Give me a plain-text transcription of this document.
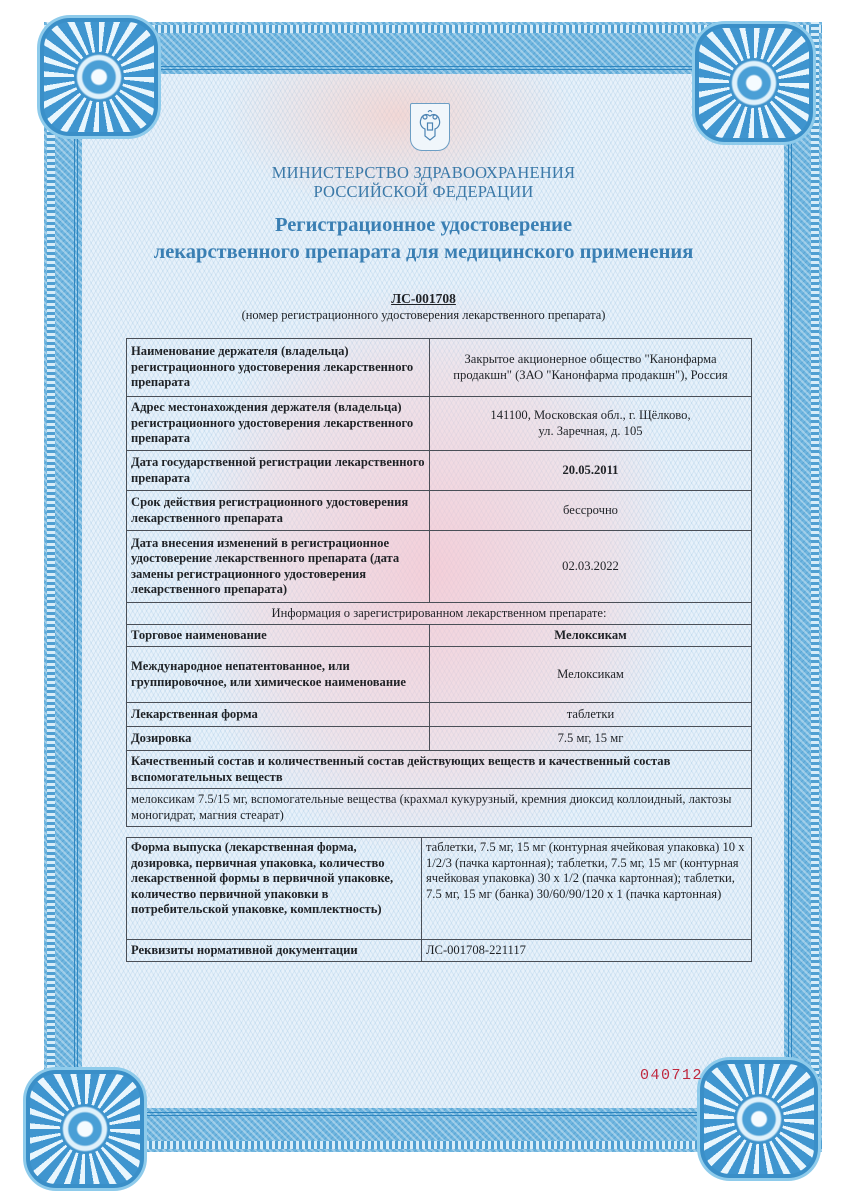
МИНИСТЕРСТВО ЗДРАВООХРАНЕНИЯ
РОССИЙСКОЙ ФЕДЕРАЦИИ
Регистрационное удостоверение
лекарственного препарата для медицинского применения
ЛС-001708
(номер регистрационного удостоверения лекарственного препарата)
Наименование держателя (владельца) регистрационного удостоверения лекарственного препарата	Закрытое акционерное общество "Канонфарма продакшн" (ЗАО "Канонфарма продакшн"), Россия
Адрес местонахождения держателя (владельца) регистрационного удостоверения лекарственного препарата	141100, Московская обл., г. Щёлково, ул. Заречная, д. 105
Дата государственной регистрации лекарственного препарата	20.05.2011
Срок действия регистрационного удостоверения лекарственного препарата	бессрочно
Дата внесения изменений в регистрационное удостоверение лекарственного препарата (дата замены регистрационного удостоверения лекарственного препарата)	02.03.2022
Информация о зарегистрированном лекарственном препарате:	
Торговое наименование	Мелоксикам
Международное непатентованное, или группировочное, или химическое наименование	Мелоксикам
Лекарственная форма	таблетки
Дозировка	7.5 мг, 15 мг
Качественный состав и количественный состав действующих веществ и качественный состав вспомогательных веществ	
мелоксикам 7.5/15 мг, вспомогательные вещества (крахмал кукурузный, кремния диоксид коллоидный, лактозы моногидрат, магния стеарат)	
Форма выпуска (лекарственная форма, дозировка, первичная упаковка, количество лекарственной формы в первичной упаковке, количество первичной упаковки в потребительской упаковке, комплектность)	таблетки, 7.5 мг, 15 мг (контурная ячейковая упаковка) 10 х 1/2/3 (пачка картонная); таблетки, 7.5 мг, 15 мг (контурная ячейковая упаковка) 30 х 1/2 (пачка картонная); таблетки, 7.5 мг, 15 мг (банка) 30/60/90/120 х 1 (пачка картонная)
Реквизиты нормативной документации	ЛС-001708-221117
040712
